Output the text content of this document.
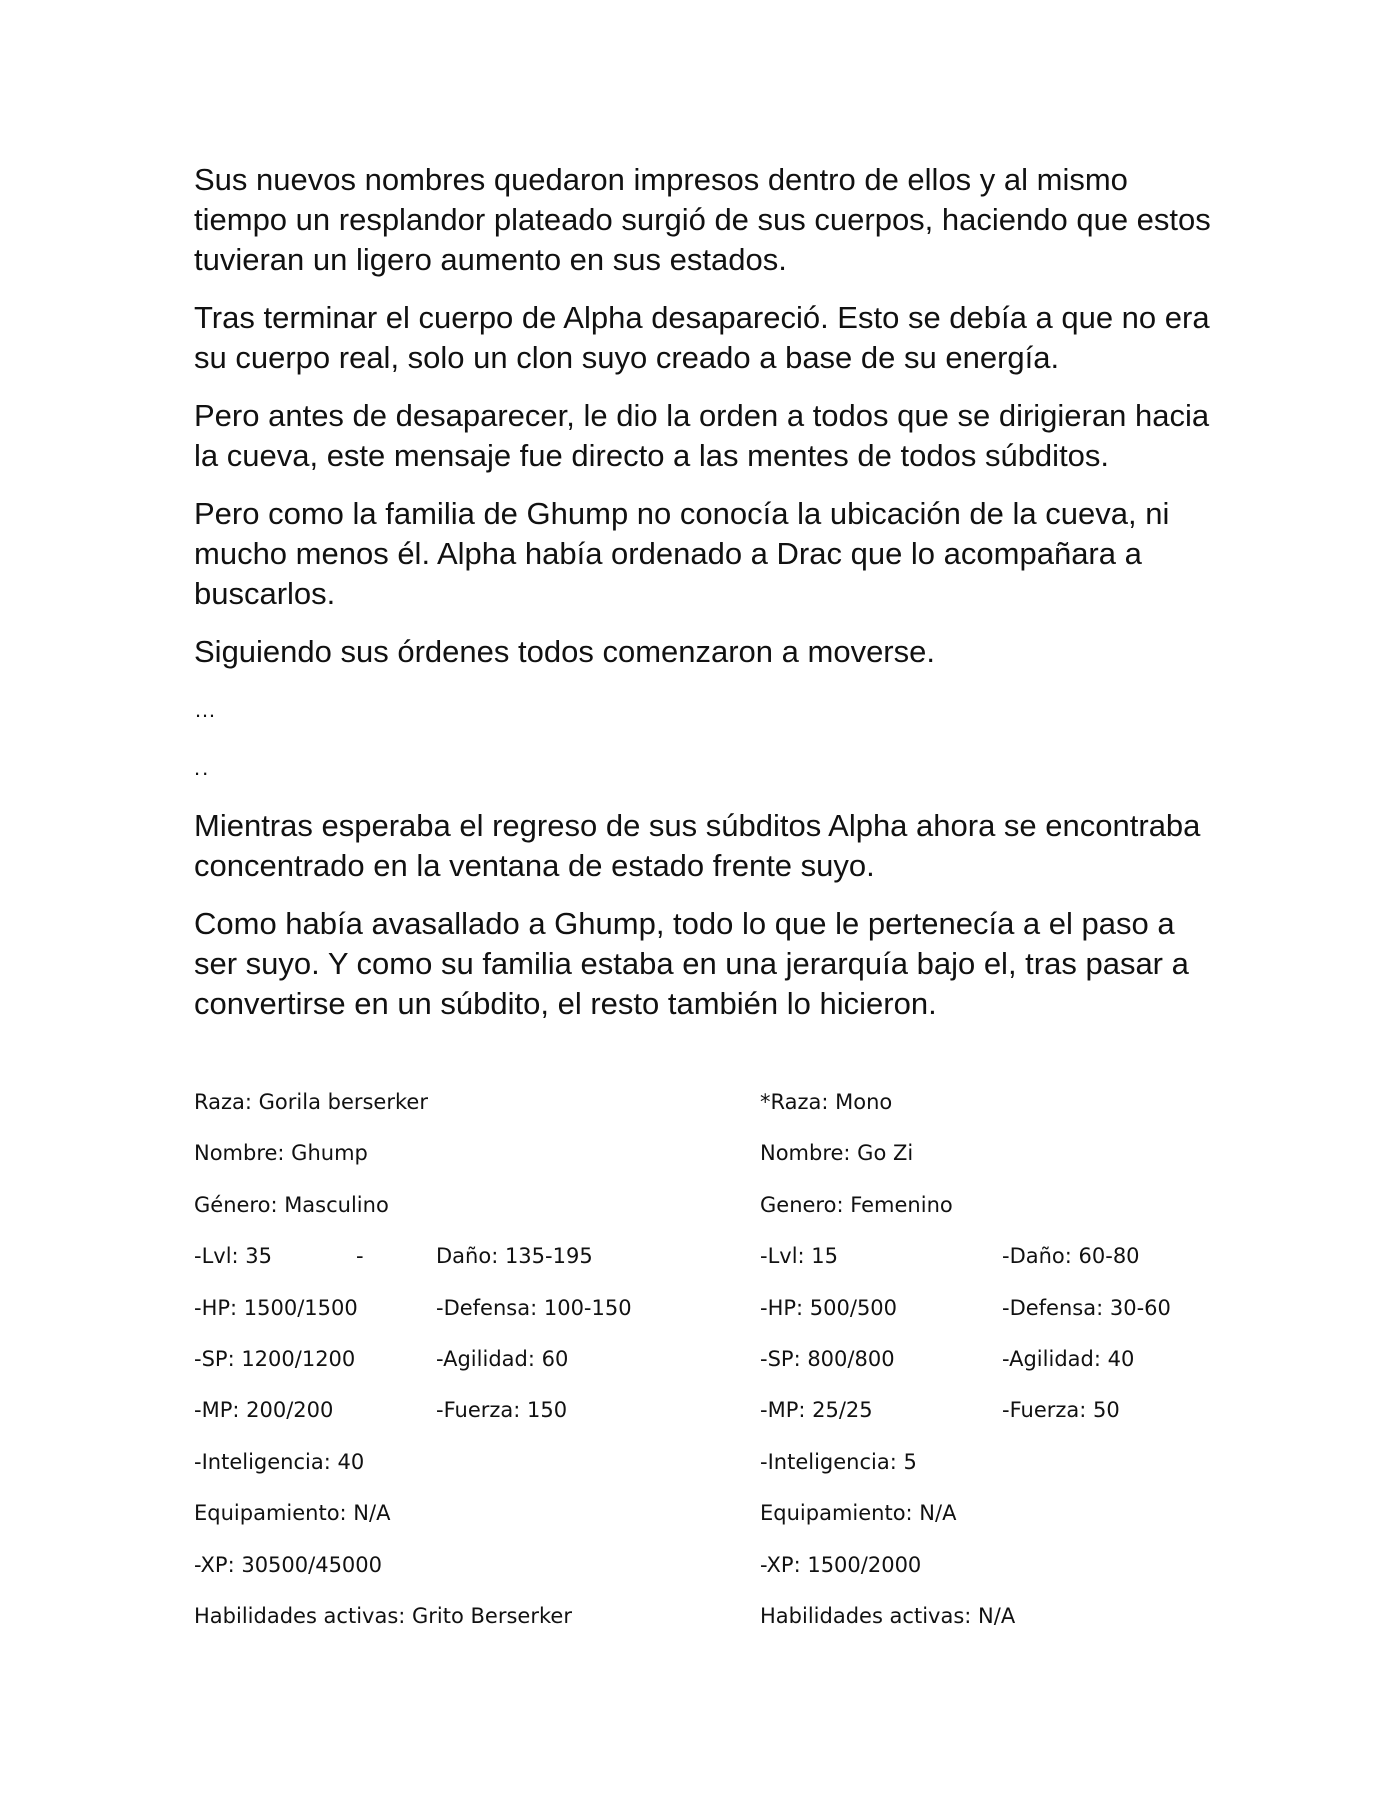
Sus nuevos nombres quedaron impresos dentro de ellos y al mismo tiempo un resplandor plateado surgió de sus cuerpos, haciendo que estos tuvieran un ligero aumento en sus estados.

Tras terminar el cuerpo de Alpha desapareció. Esto se debía a que no era su cuerpo real, solo un clon suyo creado a base de su energía.

Pero antes de desaparecer, le dio la orden a todos que se dirigieran hacia la cueva, este mensaje fue directo a las mentes de todos súbditos.

Pero como la familia de Ghump no conocía la ubicación de la cueva, ni mucho menos él. Alpha había ordenado a Drac que lo acompañara a buscarlos.

Siguiendo sus órdenes todos comenzaron a moverse.

…

..

Mientras esperaba el regreso de sus súbditos Alpha ahora se encontraba concentrado en la ventana de estado frente suyo.

Como había avasallado a Ghump, todo lo que le pertenecía a el paso a ser suyo. Y como su familia estaba en una jerarquía bajo el, tras pasar a convertirse en un súbdito, el resto también lo hicieron.

Raza: Gorila berserker
Nombre: Ghump
Género: Masculino
-Lvl: 35	-	Daño: 135-195
-HP: 1500/1500	-Defensa: 100-150
-SP: 1200/1200	-Agilidad: 60
-MP: 200/200	-Fuerza: 150
-Inteligencia: 40
Equipamiento: N/A
-XP: 30500/45000
Habilidades activas: Grito Berserker
*Raza: Mono
Nombre: Go Zi
Genero: Femenino
-Lvl: 15	-Daño: 60-80
-HP: 500/500	-Defensa: 30-60
-SP: 800/800	-Agilidad: 40
-MP: 25/25	-Fuerza: 50
-Inteligencia: 5
Equipamiento: N/A
-XP: 1500/2000
Habilidades activas: N/A
